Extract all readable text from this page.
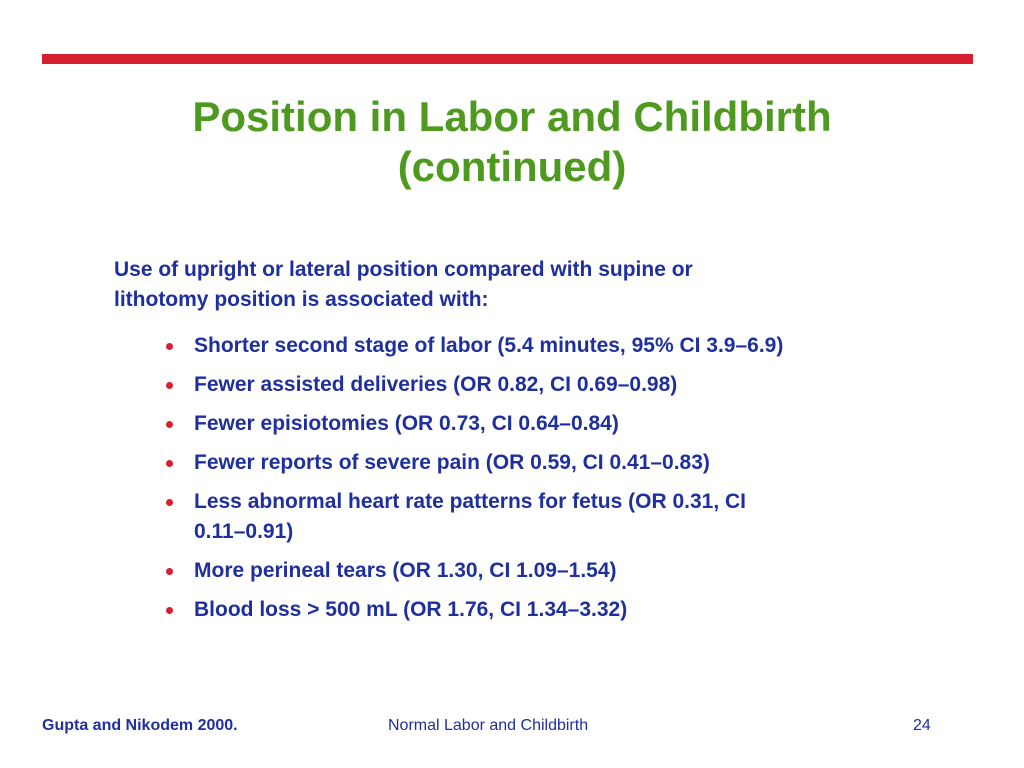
Position in Labor and Childbirth
(continued)
Use of upright or lateral position compared with supine or
lithotomy position is associated with:
Shorter second stage of labor (5.4 minutes, 95% CI 3.9–6.9)
Fewer assisted deliveries (OR 0.82, CI 0.69–0.98)
Fewer episiotomies (OR 0.73, CI 0.64–0.84)
Fewer reports of severe pain (OR 0.59, CI 0.41–0.83)
Less abnormal heart rate patterns for fetus (OR 0.31, CI
0.11–0.91)
More perineal tears (OR 1.30, CI 1.09–1.54)
Blood loss > 500 mL (OR 1.76, CI 1.34–3.32)
Gupta and Nikodem 2000.	Normal Labor and Childbirth	24
